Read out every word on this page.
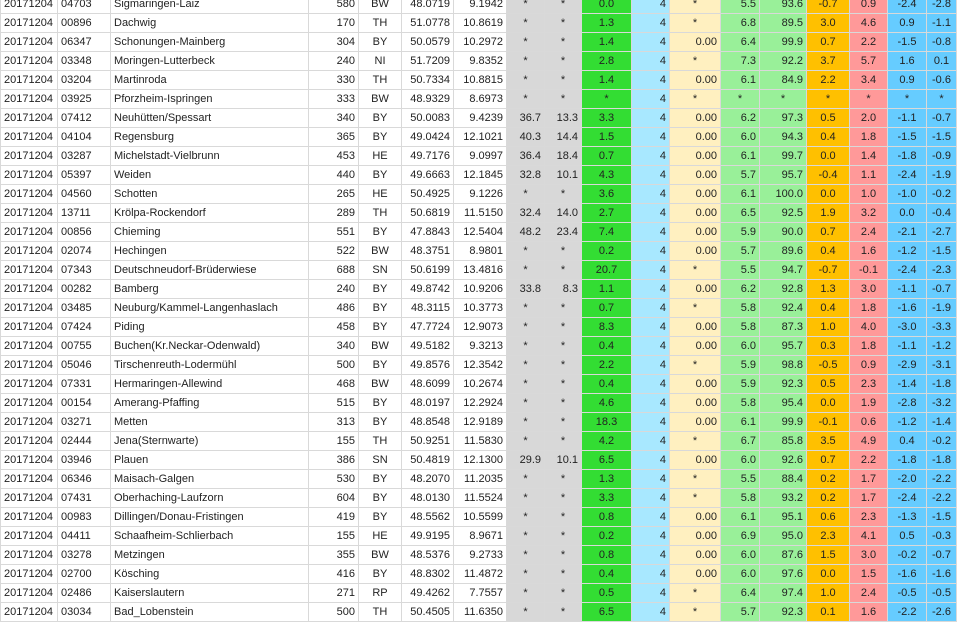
20171204	04703	Sigmaringen-Laiz	580	BW	48.0719	9.1942	*	*	0.0	4	*	5.5	93.6	-0.7	0.9	-2.4	-2.8
20171204	00896	Dachwig	170	TH	51.0778	10.8619	*	*	1.3	4	*	6.8	89.5	3.0	4.6	0.9	-1.1
20171204	06347	Schonungen-Mainberg	304	BY	50.0579	10.2972	*	*	1.4	4	0.00	6.4	99.9	0.7	2.2	-1.5	-0.8
20171204	03348	Moringen-Lutterbeck	240	NI	51.7209	9.8352	*	*	2.8	4	*	7.3	92.2	3.7	5.7	1.6	0.1
20171204	03204	Martinroda	330	TH	50.7334	10.8815	*	*	1.4	4	0.00	6.1	84.9	2.2	3.4	0.9	-0.6
20171204	03925	Pforzheim-Ispringen	333	BW	48.9329	8.6973	*	*	*	4	*	*	*	*	*	*	*
20171204	07412	Neuhütten/Spessart	340	BY	50.0083	9.4239	36.7	13.3	3.3	4	0.00	6.2	97.3	0.5	2.0	-1.1	-0.7
20171204	04104	Regensburg	365	BY	49.0424	12.1021	40.3	14.4	1.5	4	0.00	6.0	94.3	0.4	1.8	-1.5	-1.5
20171204	03287	Michelstadt-Vielbrunn	453	HE	49.7176	9.0997	36.4	18.4	0.7	4	0.00	6.1	99.7	0.0	1.4	-1.8	-0.9
20171204	05397	Weiden	440	BY	49.6663	12.1845	32.8	10.1	4.3	4	0.00	5.7	95.7	-0.4	1.1	-2.4	-1.9
20171204	04560	Schotten	265	HE	50.4925	9.1226	*	*	3.6	4	0.00	6.1	100.0	0.0	1.0	-1.0	-0.2
20171204	13711	Krölpa-Rockendorf	289	TH	50.6819	11.5150	32.4	14.0	2.7	4	0.00	6.5	92.5	1.9	3.2	0.0	-0.4
20171204	00856	Chieming	551	BY	47.8843	12.5404	48.2	23.4	7.4	4	0.00	5.9	90.0	0.7	2.4	-2.1	-2.7
20171204	02074	Hechingen	522	BW	48.3751	8.9801	*	*	0.2	4	0.00	5.7	89.6	0.4	1.6	-1.2	-1.5
20171204	07343	Deutschneudorf-Brüderwiese	688	SN	50.6199	13.4816	*	*	20.7	4	*	5.5	94.7	-0.7	-0.1	-2.4	-2.3
20171204	00282	Bamberg	240	BY	49.8742	10.9206	33.8	8.3	1.1	4	0.00	6.2	92.8	1.3	3.0	-1.1	-0.7
20171204	03485	Neuburg/Kammel-Langenhaslach	486	BY	48.3115	10.3773	*	*	0.7	4	*	5.8	92.4	0.4	1.8	-1.6	-1.9
20171204	07424	Piding	458	BY	47.7724	12.9073	*	*	8.3	4	0.00	5.8	87.3	1.0	4.0	-3.0	-3.3
20171204	00755	Buchen(Kr.Neckar-Odenwald)	340	BW	49.5182	9.3213	*	*	0.4	4	0.00	6.0	95.7	0.3	1.8	-1.1	-1.2
20171204	05046	Tirschenreuth-Lodermühl	500	BY	49.8576	12.3542	*	*	2.2	4	*	5.9	98.8	-0.5	0.9	-2.9	-3.1
20171204	07331	Hermaringen-Allewind	468	BW	48.6099	10.2674	*	*	0.4	4	0.00	5.9	92.3	0.5	2.3	-1.4	-1.8
20171204	00154	Amerang-Pfaffing	515	BY	48.0197	12.2924	*	*	4.6	4	0.00	5.8	95.4	0.0	1.9	-2.8	-3.2
20171204	03271	Metten	313	BY	48.8548	12.9189	*	*	18.3	4	0.00	6.1	99.9	-0.1	0.6	-1.2	-1.4
20171204	02444	Jena(Sternwarte)	155	TH	50.9251	11.5830	*	*	4.2	4	*	6.7	85.8	3.5	4.9	0.4	-0.2
20171204	03946	Plauen	386	SN	50.4819	12.1300	29.9	10.1	6.5	4	0.00	6.0	92.6	0.7	2.2	-1.8	-1.8
20171204	06346	Maisach-Galgen	530	BY	48.2070	11.2035	*	*	1.3	4	*	5.5	88.4	0.2	1.7	-2.0	-2.2
20171204	07431	Oberhaching-Laufzorn	604	BY	48.0130	11.5524	*	*	3.3	4	*	5.8	93.2	0.2	1.7	-2.4	-2.2
20171204	00983	Dillingen/Donau-Fristingen	419	BY	48.5562	10.5599	*	*	0.8	4	0.00	6.1	95.1	0.6	2.3	-1.3	-1.5
20171204	04411	Schaafheim-Schlierbach	155	HE	49.9195	8.9671	*	*	0.2	4	0.00	6.9	95.0	2.3	4.1	0.5	-0.3
20171204	03278	Metzingen	355	BW	48.5376	9.2733	*	*	0.8	4	0.00	6.0	87.6	1.5	3.0	-0.2	-0.7
20171204	02700	Kösching	416	BY	48.8302	11.4872	*	*	0.4	4	0.00	6.0	97.6	0.0	1.5	-1.6	-1.6
20171204	02486	Kaiserslautern	271	RP	49.4262	7.7557	*	*	0.5	4	*	6.4	97.4	1.0	2.4	-0.5	-0.5
20171204	03034	Bad_Lobenstein	500	TH	50.4505	11.6350	*	*	6.5	4	*	5.7	92.3	0.1	1.6	-2.2	-2.6
